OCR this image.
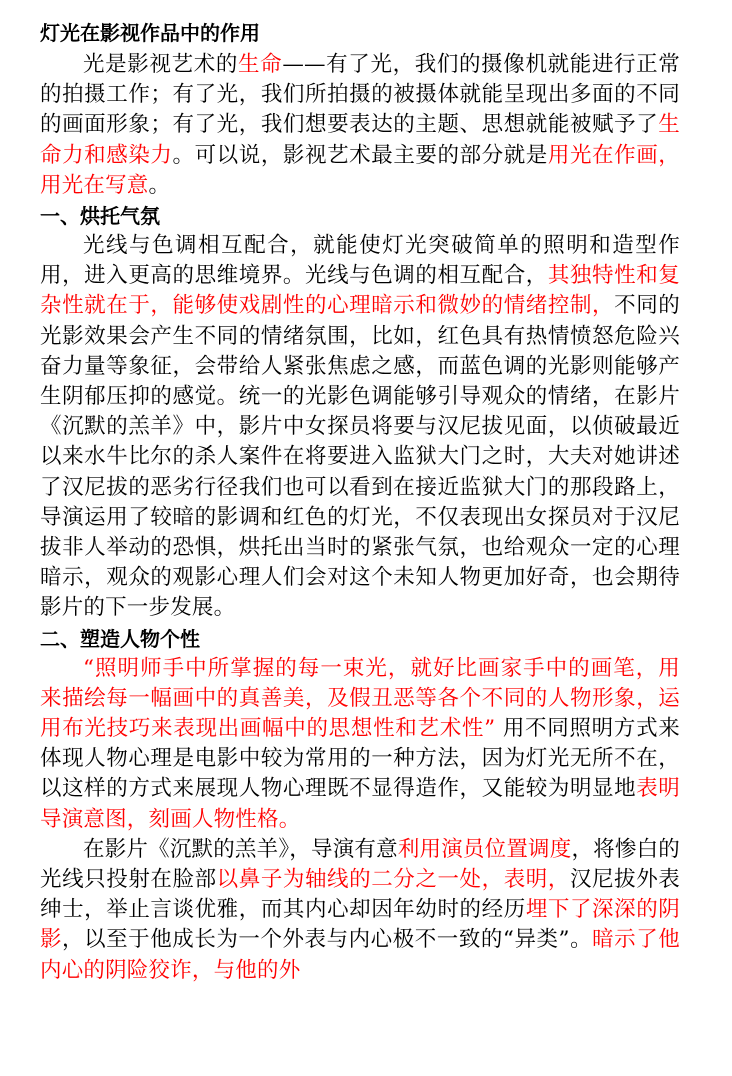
灯光在影视作品中的作用

光是影视艺术的生命——有了光，我们的摄像机就能进行正常的拍摄工作；有了光，我们所拍摄的被摄体就能呈现出多面的不同的画面形象；有了光，我们想要表达的主题、思想就能被赋予了生命力和感染力。可以说，影视艺术最主要的部分就是用光在作画，用光在写意。

一、烘托气氛

光线与色调相互配合，就能使灯光突破简单的照明和造型作用，进入更高的思维境界。光线与色调的相互配合，其独特性和复杂性就在于，能够使戏剧性的心理暗示和微妙的情绪控制，不同的光影效果会产生不同的情绪氛围，比如，红色具有热情愤怒危险兴奋力量等象征，会带给人紧张焦虑之感，而蓝色调的光影则能够产生阴郁压抑的感觉。统一的光影色调能够引导观众的情绪，在影片《沉默的羔羊》中，影片中女探员将要与汉尼拔见面，以侦破最近以来水牛比尔的杀人案件在将要进入监狱大门之时，大夫对她讲述了汉尼拔的恶劣行径我们也可以看到在接近监狱大门的那段路上，导演运用了较暗的影调和红色的灯光，不仅表现出女探员对于汉尼拔非人举动的恐惧，烘托出当时的紧张气氛，也给观众一定的心理暗示，观众的观影心理人们会对这个未知人物更加好奇，也会期待影片的下一步发展。

二、塑造人物个性

“照明师手中所掌握的每一束光，就好比画家手中的画笔，用来描绘每一幅画中的真善美，及假丑恶等各个不同的人物形象，运用布光技巧来表现出画幅中的思想性和艺术性” 用不同照明方式来体现人物心理是电影中较为常用的一种方法，因为灯光无所不在，以这样的方式来展现人物心理既不显得造作，又能较为明显地表明导演意图，刻画人物性格。

在影片《沉默的羔羊》，导演有意利用演员位置调度，将惨白的光线只投射在脸部以鼻子为轴线的二分之一处，表明，汉尼拔外表绅士，举止言谈优雅，而其内心却因年幼时的经历埋下了深深的阴影，以至于他成长为一个外表与内心极不一致的“异类”。暗示了他内心的阴险狡诈，与他的外
